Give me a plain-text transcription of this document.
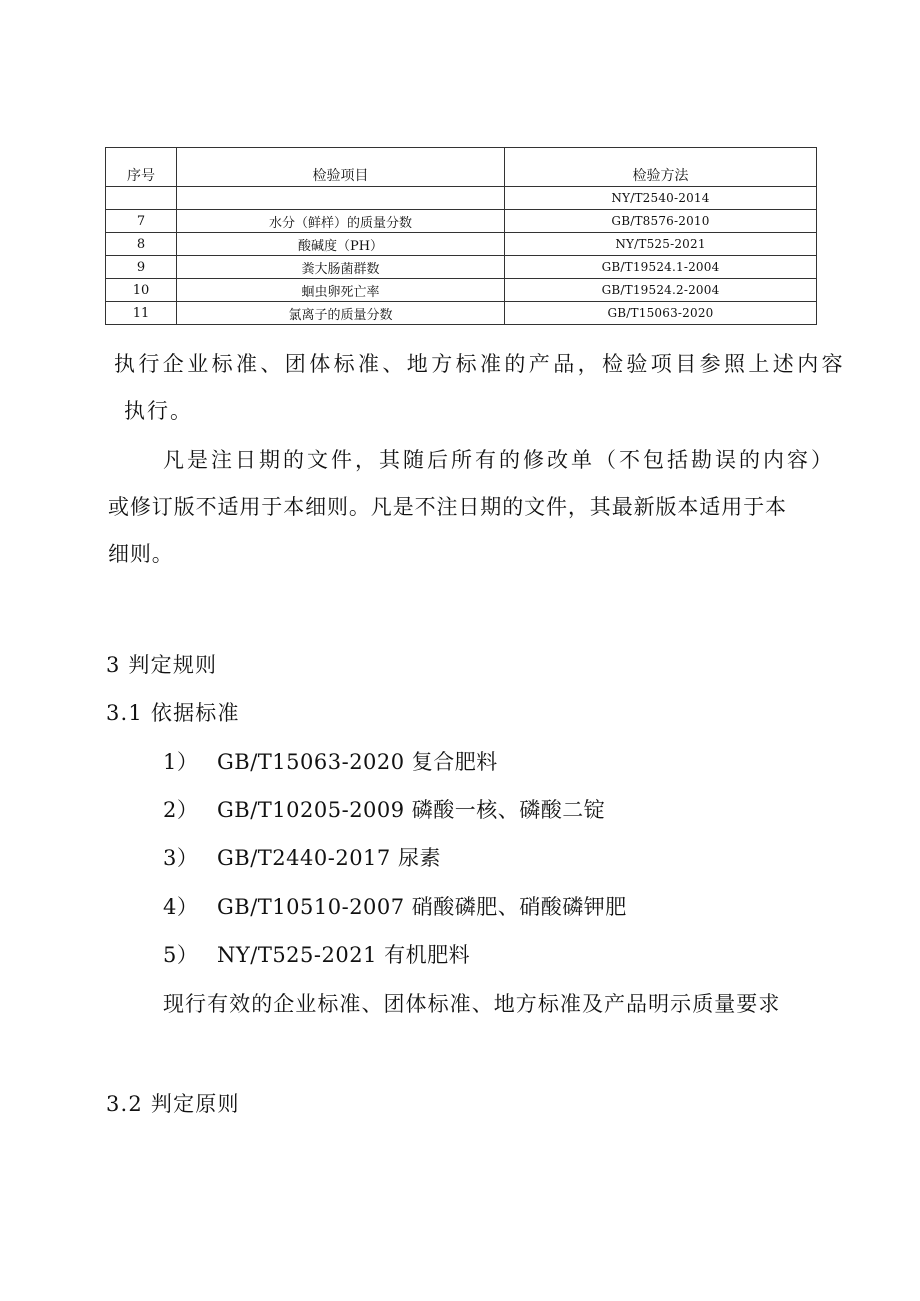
序号	检验项目	检验方法
		NY/T2540-2014
7	水分（鲜样）的质量分数	GB/T8576-2010
8	酸碱度（PH）	NY/T525-2021
9	粪大肠菌群数	GB/T19524.1-2004
10	蛔虫卵死亡率	GB/T19524.2-2004
11	氯离子的质量分数	GB/T15063-2020
执行企业标准、团体标准、地方标准的产品，检验项目参照上述内容
执行。
凡是注日期的文件，其随后所有的修改单（不包括勘误的内容）
或修订版不适用于本细则。凡是不注日期的文件，其最新版本适用于本
细则。
3 判定规则
3.1 依据标准
1） GB/T15063-2020 复合肥料
2） GB/T10205-2009 磷酸一核、磷酸二锭
3） GB/T2440-2017 尿素
4） GB/T10510-2007 硝酸磷肥、硝酸磷钾肥
5） NY/T525-2021 有机肥料
现行有效的企业标准、团体标准、地方标准及产品明示质量要求
3.2 判定原则
